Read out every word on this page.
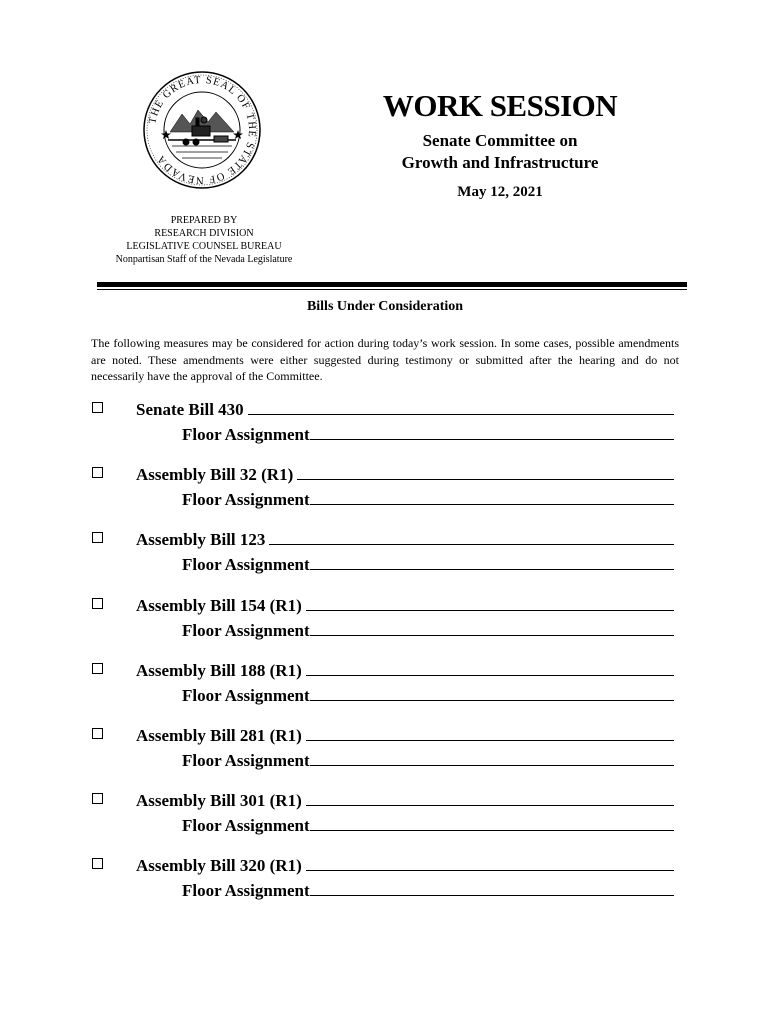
THE GREAT SEAL OF THE STATE OF NEVADA
WORK SESSION
Senate Committee on
Growth and Infrastructure
May 12, 2021
PREPARED BY
RESEARCH DIVISION
LEGISLATIVE COUNSEL BUREAU
Nonpartisan Staff of the Nevada Legislature
Bills Under Consideration
The following measures may be considered for action during today’s work session. In some cases, possible amendments are noted. These amendments were either suggested during testimony or submitted after the hearing and do not necessarily have the approval of the Committee.
Senate Bill 430
Floor Assignment
Assembly Bill 32 (R1)
Floor Assignment
Assembly Bill 123
Floor Assignment
Assembly Bill 154 (R1)
Floor Assignment
Assembly Bill 188 (R1)
Floor Assignment
Assembly Bill 281 (R1)
Floor Assignment
Assembly Bill 301 (R1)
Floor Assignment
Assembly Bill 320 (R1)
Floor Assignment
